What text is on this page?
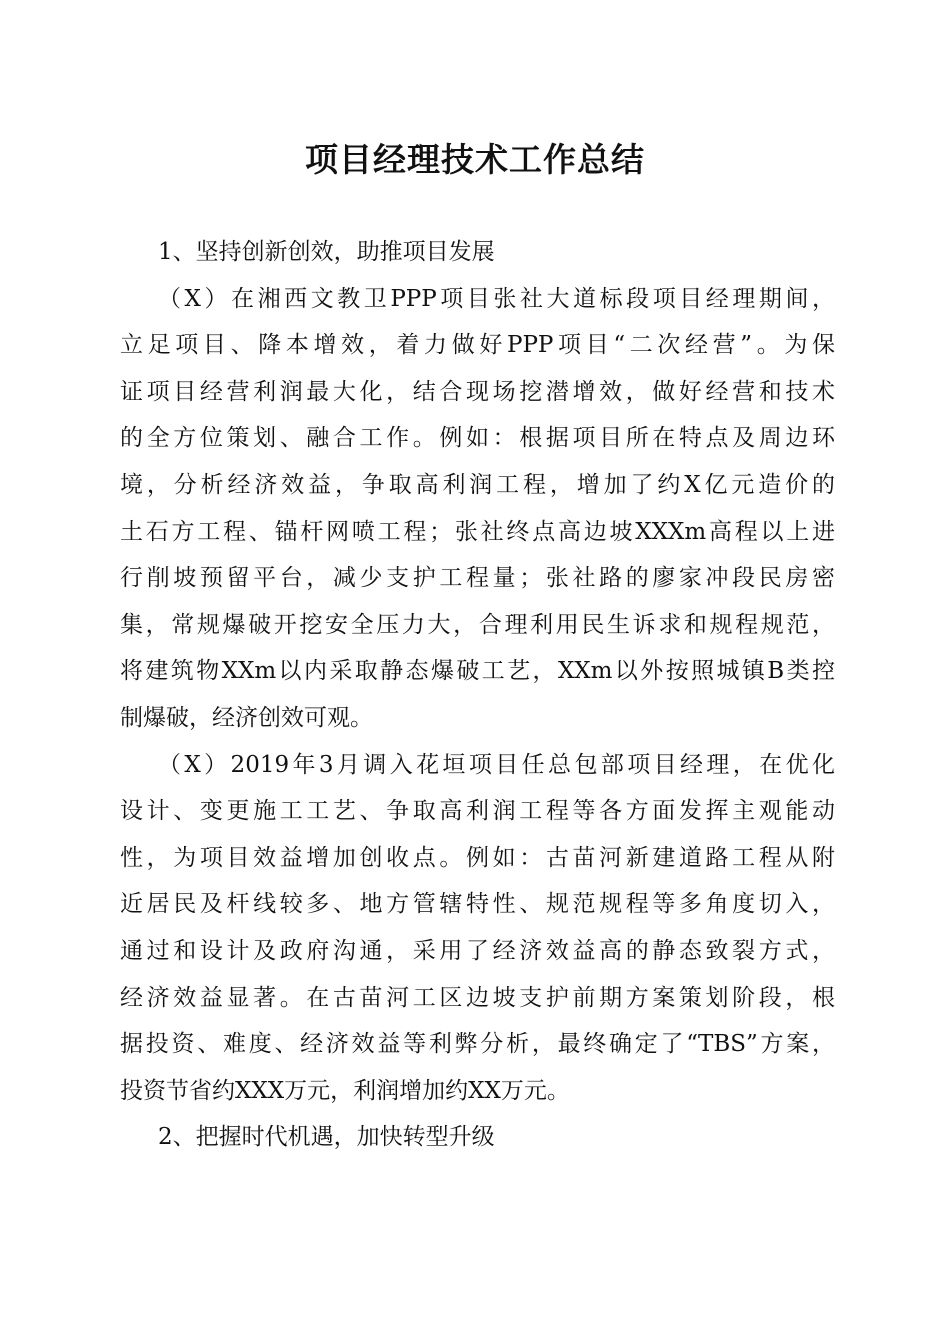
项目经理技术工作总结
1、坚持创新创效，助推项目发展
（X）在湘西文教卫PPP项目张社大道标段项目经理期间，
立足项目、降本增效，着力做好PPP项目“二次经营”。为保
证项目经营利润最大化，结合现场挖潜增效，做好经营和技术
的全方位策划、融合工作。例如：根据项目所在特点及周边环
境，分析经济效益，争取高利润工程，增加了约X亿元造价的
土石方工程、锚杆网喷工程；张社终点高边坡XXXm高程以上进
行削坡预留平台，减少支护工程量；张社路的廖家冲段民房密
集，常规爆破开挖安全压力大，合理利用民生诉求和规程规范，
将建筑物XXm以内采取静态爆破工艺，XXm以外按照城镇B类控
制爆破，经济创效可观。
（X）2019年3月调入花垣项目任总包部项目经理，在优化
设计、变更施工工艺、争取高利润工程等各方面发挥主观能动
性，为项目效益增加创收点。例如：古苗河新建道路工程从附
近居民及杆线较多、地方管辖特性、规范规程等多角度切入，
通过和设计及政府沟通，采用了经济效益高的静态致裂方式，
经济效益显著。在古苗河工区边坡支护前期方案策划阶段，根
据投资、难度、经济效益等利弊分析，最终确定了“TBS”方案，
投资节省约XXX万元，利润增加约XX万元。
2、把握时代机遇，加快转型升级
